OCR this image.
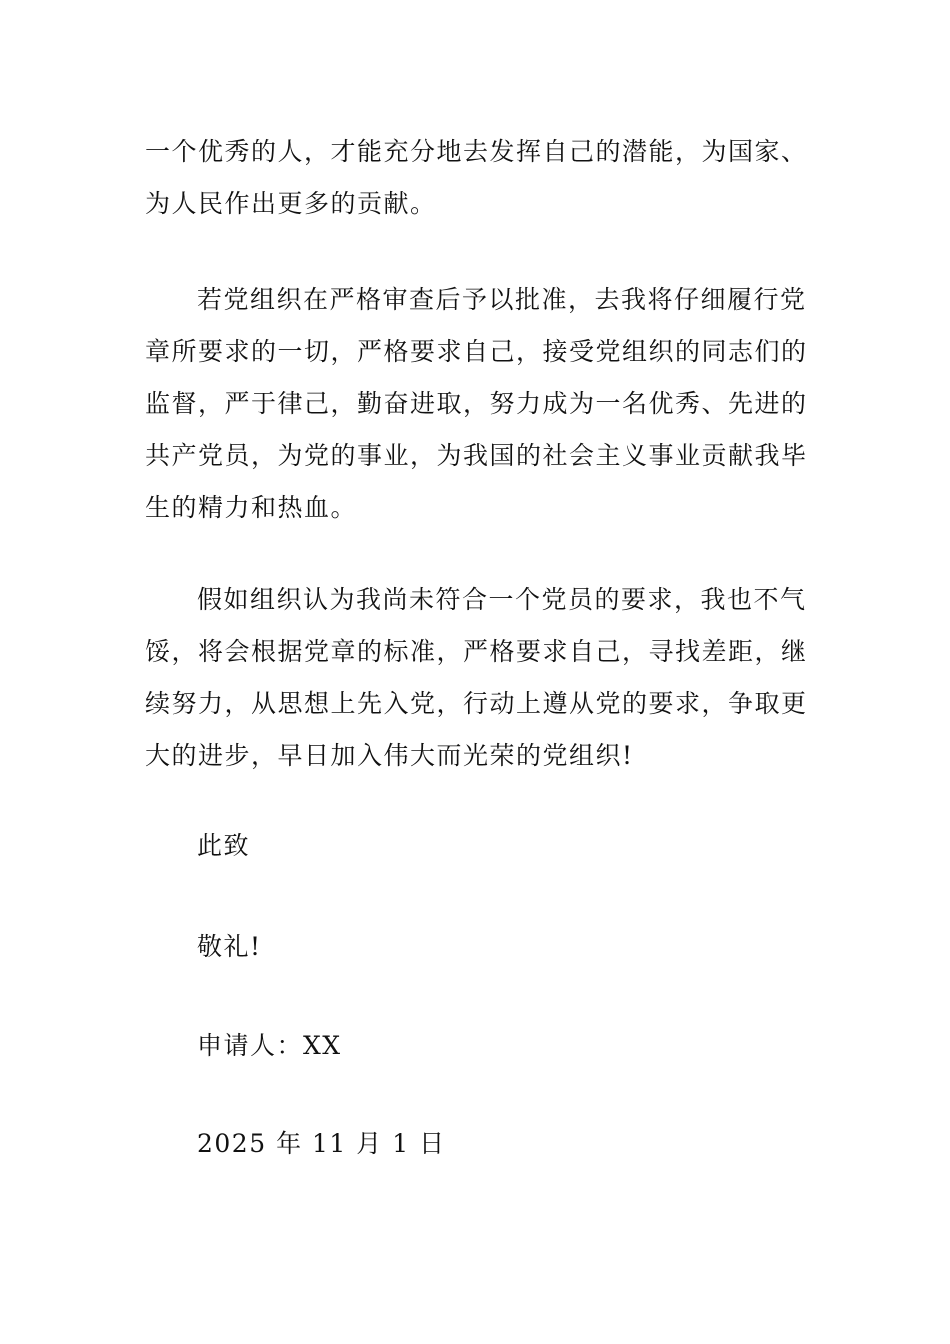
一个优秀的人，才能充分地去发挥自己的潜能，为国家、
为人民作出更多的贡献。
若党组织在严格审查后予以批准，去我将仔细履行党
章所要求的一切，严格要求自己，接受党组织的同志们的
监督，严于律己，勤奋进取，努力成为一名优秀、先进的
共产党员，为党的事业，为我国的社会主义事业贡献我毕
生的精力和热血。
假如组织认为我尚未符合一个党员的要求，我也不气
馁，将会根据党章的标准，严格要求自己，寻找差距，继
续努力，从思想上先入党，行动上遵从党的要求，争取更
大的进步，早日加入伟大而光荣的党组织!

此致

敬礼!

申请人：XX

2025 年 11 月 1 日
